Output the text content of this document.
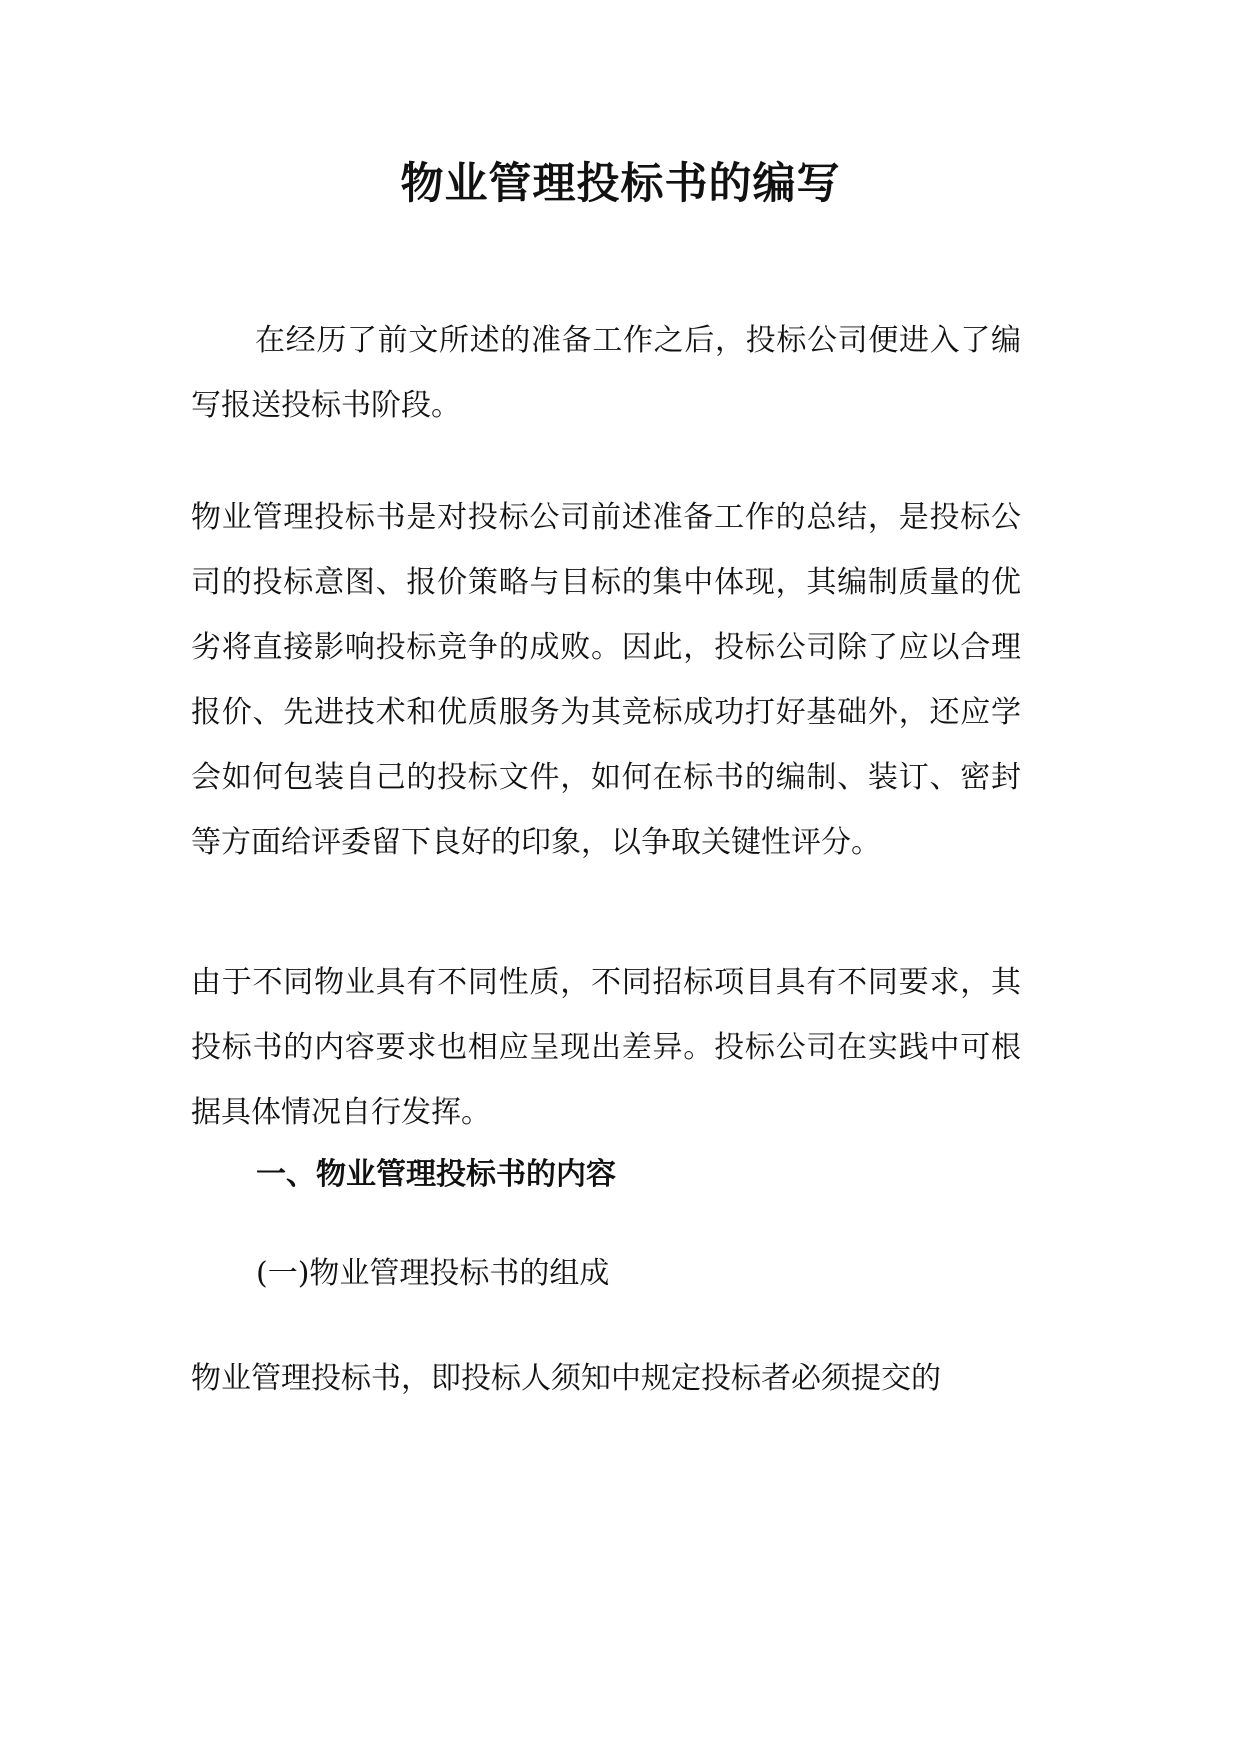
物业管理投标书的编写

在经历了前文所述的准备工作之后，投标公司便进入了编写报送投标书阶段。

物业管理投标书是对投标公司前述准备工作的总结，是投标公司的投标意图、报价策略与目标的集中体现，其编制质量的优劣将直接影响投标竞争的成败。因此，投标公司除了应以合理报价、先进技术和优质服务为其竞标成功打好基础外，还应学会如何包装自己的投标文件，如何在标书的编制、装订、密封等方面给评委留下良好的印象，以争取关键性评分。

由于不同物业具有不同性质，不同招标项目具有不同要求，其投标书的内容要求也相应呈现出差异。投标公司在实践中可根据具体情况自行发挥。

一、物业管理投标书的内容
(一)物业管理投标书的组成

物业管理投标书，即投标人须知中规定投标者必须提交的
